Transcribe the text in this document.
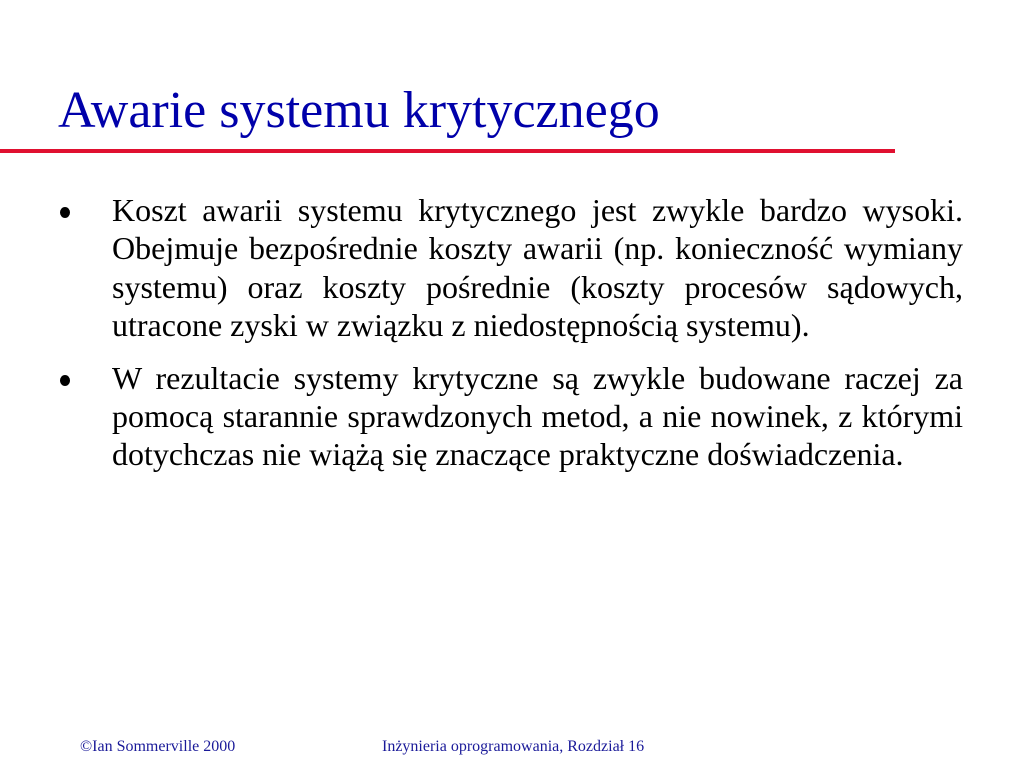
Awarie systemu krytycznego
Koszt awarii systemu krytycznego jest zwykle bardzo wysoki. Obejmuje bezpośrednie koszty awarii (np. konieczność wymiany systemu) oraz koszty pośrednie (koszty procesów sądowych, utracone zyski w związku z niedostępnością systemu).
W rezultacie systemy krytyczne są zwykle budowane raczej za pomocą starannie sprawdzonych metod, a nie nowinek, z którymi dotychczas nie wiążą się znaczące praktyczne doświadczenia.
©Ian Sommerville 2000	Inżynieria oprogramowania, Rozdział 16
